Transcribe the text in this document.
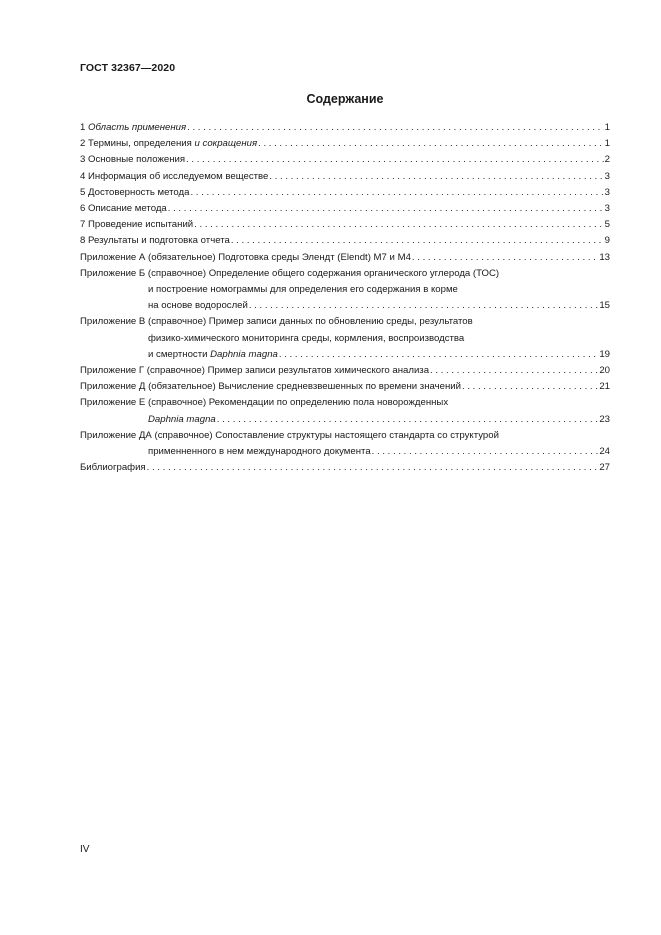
ГОСТ 32367—2020
Содержание
1 Область применения . . .	1
2 Термины, определения и сокращения . . .	1
3 Основные положения . . .	2
4 Информация об исследуемом веществе . . .	3
5 Достоверность метода . . .	3
6 Описание метода . . .	3
7 Проведение испытаний . . .	5
8 Результаты и подготовка отчета . . .	9
Приложение А (обязательное) Подготовка среды Элендт (Elendt) M7 и M4 . . .	13
Приложение Б (справочное) Определение общего содержания органического углерода (ТОС)
и построение номограммы для определения его содержания в корме
на основе водорослей . . .	15
Приложение В (справочное) Пример записи данных по обновлению среды, результатов
физико-химического мониторинга среды, кормления, воспроизводства
и смертности Daphnia magna . . .	19
Приложение Г (справочное) Пример записи результатов химического анализа . . .	20
Приложение Д (обязательное) Вычисление средневзвешенных по времени значений . . .	21
Приложение Е (справочное) Рекомендации по определению пола новорожденных
Daphnia magna . . .	23
Приложение ДА (справочное) Сопоставление структуры настоящего стандарта со структурой
применненного в нем международного документа . . .	24
Библиография . . .	27
IV
